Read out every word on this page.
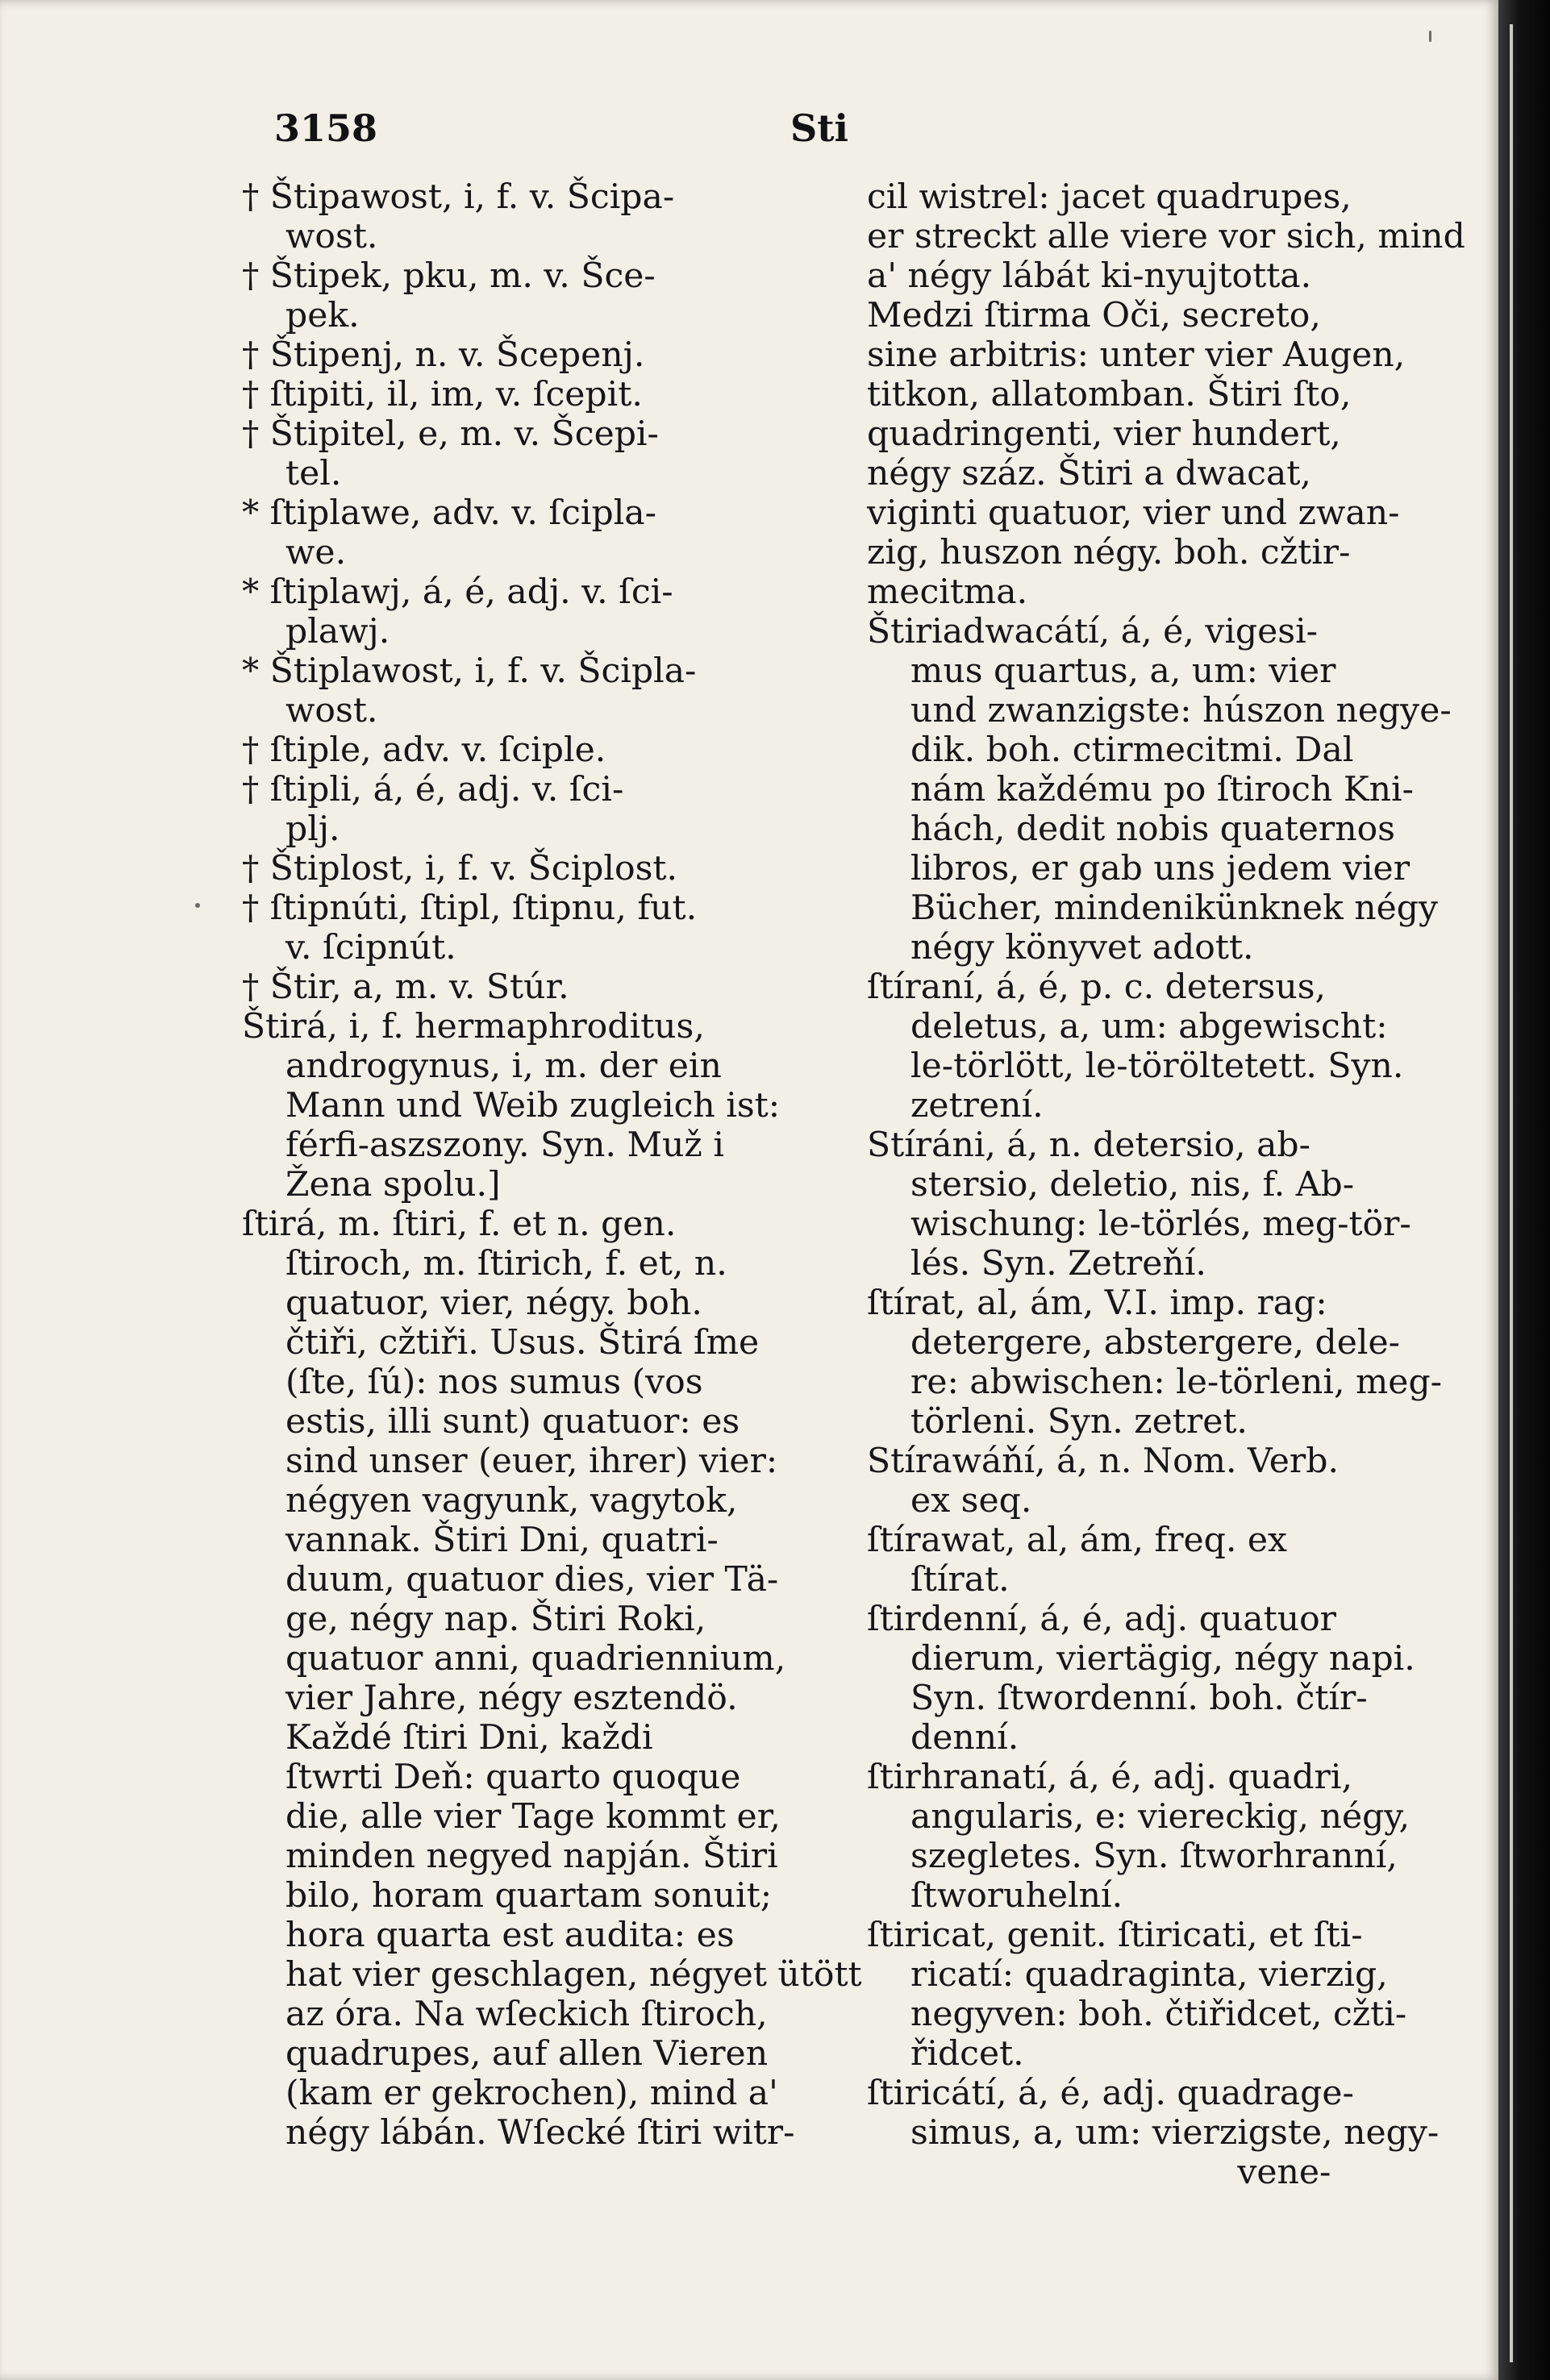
3158	Sti
† Štipawost, i, f. v. Šcipa-
wost.
† Štipek, pku, m. v. Šce-
pek.
† Štipenj, n. v. Šcepenj.
† ſtipiti, il, im, v. ſcepit.
† Štipitel, e, m. v. Šcepi-
tel.
* ſtiplawe, adv. v. ſcipla-
we.
* ſtiplawj, á, é, adj. v. ſci-
plawj.
* Štiplawost, i, f. v. Šcipla-
wost.
† ſtiple, adv. v. ſciple.
† ſtipli, á, é, adj. v. ſci-
plj.
† Štiplost, i, f. v. Šciplost.
† ſtipnúti, ſtipl, ſtipnu, fut.
v. ſcipnút.
† Štir, a, m. v. Stúr.
Štirá, i, f. hermaphroditus,
androgynus, i, m. der ein
Mann und Weib zugleich ist:
férfi-aszszony. Syn. Muž i
Žena spolu.]
ſtirá, m. ſtiri, f. et n. gen.
ſtiroch, m. ſtirich, f. et, n.
quatuor, vier, négy. boh.
čtiři, cžtiři. Usus. Štirá ſme
(ſte, ſú): nos sumus (vos
estis, illi sunt) quatuor: es
sind unser (euer, ihrer) vier:
négyen vagyunk, vagytok,
vannak. Štiri Dni, quatri-
duum, quatuor dies, vier Tä-
ge, négy nap. Štiri Roki,
quatuor anni, quadriennium,
vier Jahre, négy esztendö.
Každé ſtiri Dni, každi
ſtwrti Deň: quarto quoque
die, alle vier Tage kommt er,
minden negyed napján. Štiri
bilo, horam quartam sonuit;
hora quarta est audita: es
hat vier geschlagen, négyet ütött
az óra. Na wſeckich ſtiroch,
quadrupes, auf allen Vieren
(kam er gekrochen), mind a'
négy lábán. Wſecké ſtiri witr-
cil wistrel: jacet quadrupes,
er streckt alle viere vor sich, mind
a' négy lábát ki-nyujtotta.
Medzi ſtirma Oči, secreto,
sine arbitris: unter vier Augen,
titkon, allatomban. Štiri ſto,
quadringenti, vier hundert,
négy száz. Štiri a dwacat,
viginti quatuor, vier und zwan-
zig, huszon négy. boh. cžtir-
mecitma.
Štiriadwacátí, á, é, vigesi-
mus quartus, a, um: vier
und zwanzigste: húszon negye-
dik. boh. ctirmecitmi. Dal
nám každému po ſtiroch Kni-
hách, dedit nobis quaternos
libros, er gab uns jedem vier
Bücher, mindenikünknek négy
négy könyvet adott.
ſtíraní, á, é, p. c. detersus,
deletus, a, um: abgewischt:
le-törlött, le-töröltetett. Syn.
zetrení.
Stíráni, á, n. detersio, ab-
stersio, deletio, nis, f. Ab-
wischung: le-törlés, meg-tör-
lés. Syn. Zetreňí.
ſtírat, al, ám, V.I. imp. rag:
detergere, abstergere, dele-
re: abwischen: le-törleni, meg-
törleni. Syn. zetret.
Stírawáňí, á, n. Nom. Verb.
ex seq.
ſtírawat, al, ám, freq. ex
ſtírat.
ſtirdenní, á, é, adj. quatuor
dierum, viertägig, négy napi.
Syn. ſtwordenní. boh. čtír-
denní.
ſtirhranatí, á, é, adj. quadri,
angularis, e: viereckig, négy,
szegletes. Syn. ſtworhranní,
ſtworuhelní.
ſtiricat, genit. ſtiricati, et ſti-
ricatí: quadraginta, vierzig,
negyven: boh. čtiřidcet, cžti-
řidcet.
ſtiricátí, á, é, adj. quadrage-
simus, a, um: vierzigste, negy-
vene-
